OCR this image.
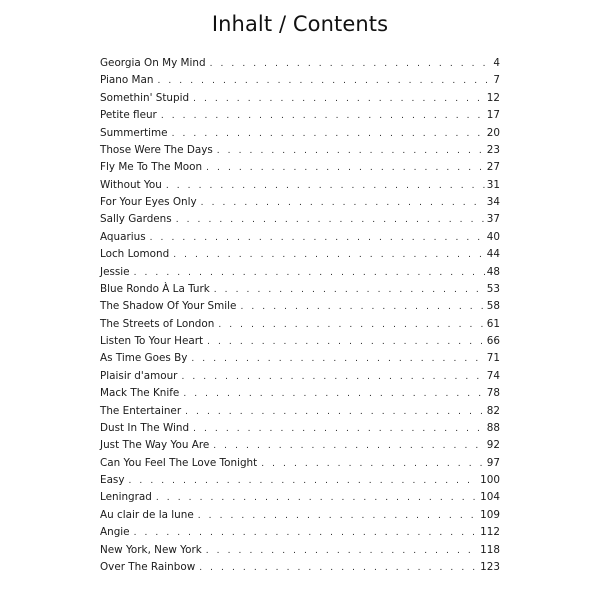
Inhalt / Contents
Georgia On My Mind . . .	4
Piano Man . . .	7
Somethin' Stupid . . .	12
Petite fleur . . .	17
Summertime . . .	20
Those Were The Days . . .	23
Fly Me To The Moon . . .	27
Without You . . .	31
For Your Eyes Only . . .	34
Sally Gardens . . .	37
Aquarius . . .	40
Loch Lomond . . .	44
Jessie . . .	48
Blue Rondo À La Turk . . .	53
The Shadow Of Your Smile . . .	58
The Streets of London . . .	61
Listen To Your Heart . . .	66
As Time Goes By . . .	71
Plaisir d'amour . . .	74
Mack The Knife . . .	78
The Entertainer . . .	82
Dust In The Wind . . .	88
Just The Way You Are . . .	92
Can You Feel The Love Tonight . . .	97
Easy . . .	100
Leningrad . . .	104
Au clair de la lune . . .	109
Angie . . .	112
New York, New York . . .	118
Over The Rainbow . . .	123
